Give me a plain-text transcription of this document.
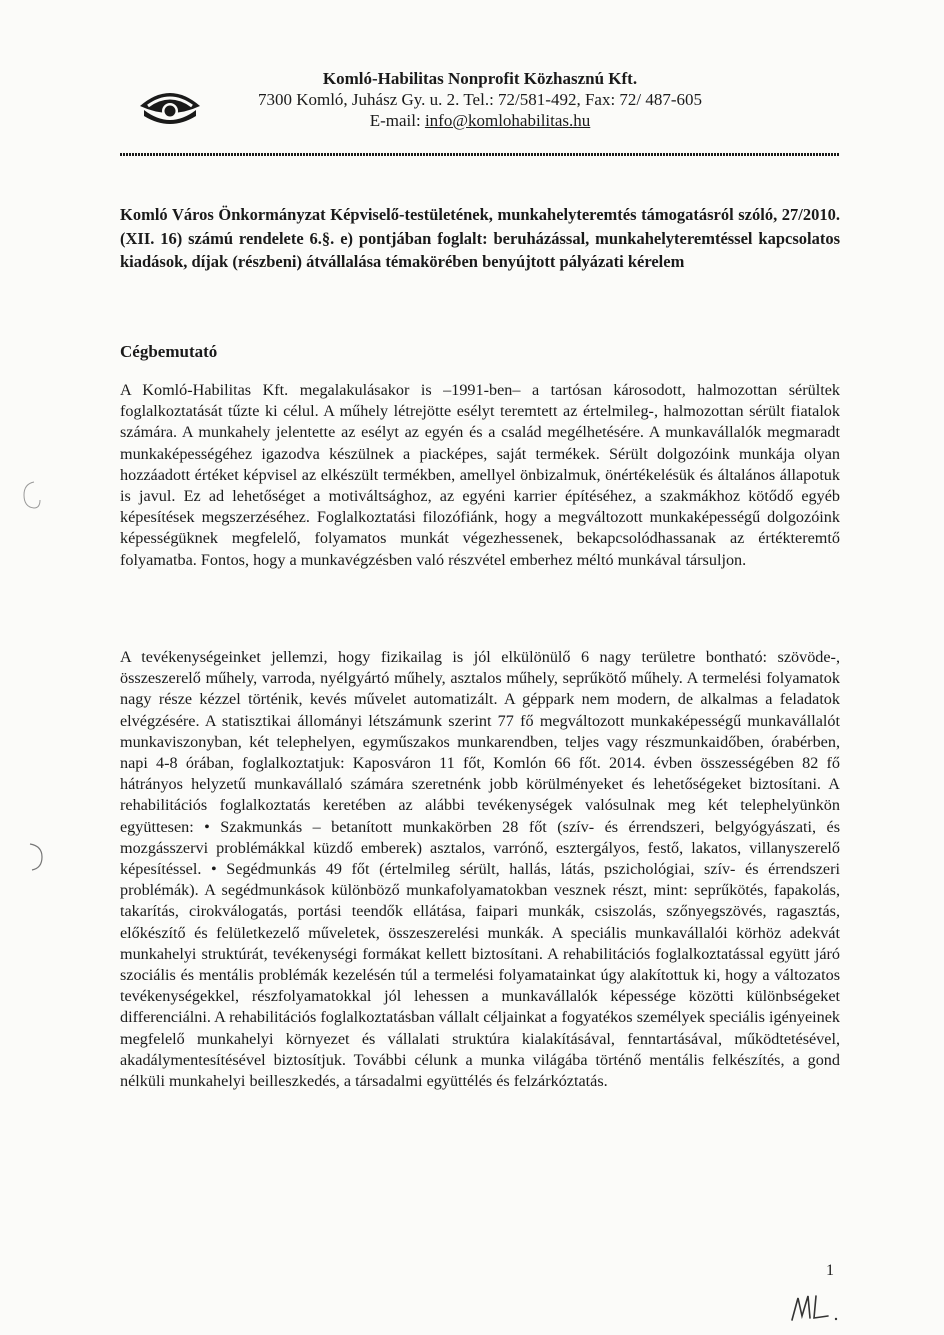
Komló-Habilitas Nonprofit Közhasznú Kft.
7300 Komló, Juhász Gy. u. 2. Tel.: 72/581-492, Fax: 72/ 487-605
E-mail: info@komlohabilitas.hu
Komló Város Önkormányzat Képviselő-testületének, munkahelyteremtés támogatásról szóló, 27/2010. (XII. 16) számú rendelete 6.§. e) pontjában foglalt: beruházással, munkahelyteremtéssel kapcsolatos kiadások, díjak (részbeni) átvállalása témakörében benyújtott pályázati kérelem
Cégbemutató
A Komló-Habilitas Kft. megalakulásakor is –1991-ben– a tartósan károsodott, halmozottan sérültek foglalkoztatását tűzte ki célul. A műhely létrejötte esélyt teremtett az értelmileg-, halmozottan sérült fiatalok számára. A munkahely jelentette az esélyt az egyén és a család megélhetésére. A munkavállalók megmaradt munkaképességéhez igazodva készülnek a piacképes, saját termékek. Sérült dolgozóink munkája olyan hozzáadott értéket képvisel az elkészült termékben, amellyel önbizalmuk, önértékelésük és általános állapotuk is javul. Ez ad lehetőséget a motiváltsághoz, az egyéni karrier építéséhez, a szakmákhoz kötődő egyéb képesítések megszerzéséhez. Foglalkoztatási filozófiánk, hogy a megváltozott munkaképességű dolgozóink képességüknek megfelelő, folyamatos munkát végezhessenek, bekapcsolódhassanak az értékteremtő folyamatba. Fontos, hogy a munkavégzésben való részvétel emberhez méltó munkával társuljon.
A tevékenységeinket jellemzi, hogy fizikailag is jól elkülönülő 6 nagy területre bontható: szövöde-, összeszerelő műhely, varroda, nyélgyártó műhely, asztalos műhely, seprűkötő műhely. A termelési folyamatok nagy része kézzel történik, kevés művelet automatizált. A géppark nem modern, de alkalmas a feladatok elvégzésére. A statisztikai állományi létszámunk szerint 77 fő megváltozott munkaképességű munkavállalót munkaviszonyban, két telephelyen, egyműszakos munkarendben, teljes vagy részmunkaidőben, órabérben, napi 4-8 órában, foglalkoztatjuk: Kaposváron 11 főt, Komlón 66 főt. 2014. évben összességében 82 fő hátrányos helyzetű munkavállaló számára szeretnénk jobb körülményeket és lehetőségeket biztosítani. A rehabilitációs foglalkoztatás keretében az alábbi tevékenységek valósulnak meg két telephelyünkön együttesen: • Szakmunkás – betanított munkakörben 28 főt (szív- és érrendszeri, belgyógyászati, és mozgásszervi problémákkal küzdő emberek) asztalos, varrónő, esztergályos, festő, lakatos, villanyszerelő képesítéssel. • Segédmunkás 49 főt (értelmileg sérült, hallás, látás, pszichológiai, szív- és érrendszeri problémák). A segédmunkások különböző munkafolyamatokban vesznek részt, mint: seprűkötés, fapakolás, takarítás, cirokválogatás, portási teendők ellátása, faipari munkák, csiszolás, szőnyegszövés, ragasztás, előkészítő és felületkezelő műveletek, összeszerelési munkák. A speciális munkavállalói körhöz adekvát munkahelyi struktúrát, tevékenységi formákat kellett biztosítani. A rehabilitációs foglalkoztatással együtt járó szociális és mentális problémák kezelésén túl a termelési folyamatainkat úgy alakítottuk ki, hogy a változatos tevékenységekkel, részfolyamatokkal jól lehessen a munkavállalók képessége közötti különbségeket differenciálni. A rehabilitációs foglalkoztatásban vállalt céljainkat a fogyatékos személyek speciális igényeinek megfelelő munkahelyi környezet és vállalati struktúra kialakításával, fenntartásával, működtetésével, akadálymentesítésével biztosítjuk. További célunk a munka világába történő mentális felkészítés, a gond nélküli munkahelyi beilleszkedés, a társadalmi együttélés és felzárkóztatás.
1
